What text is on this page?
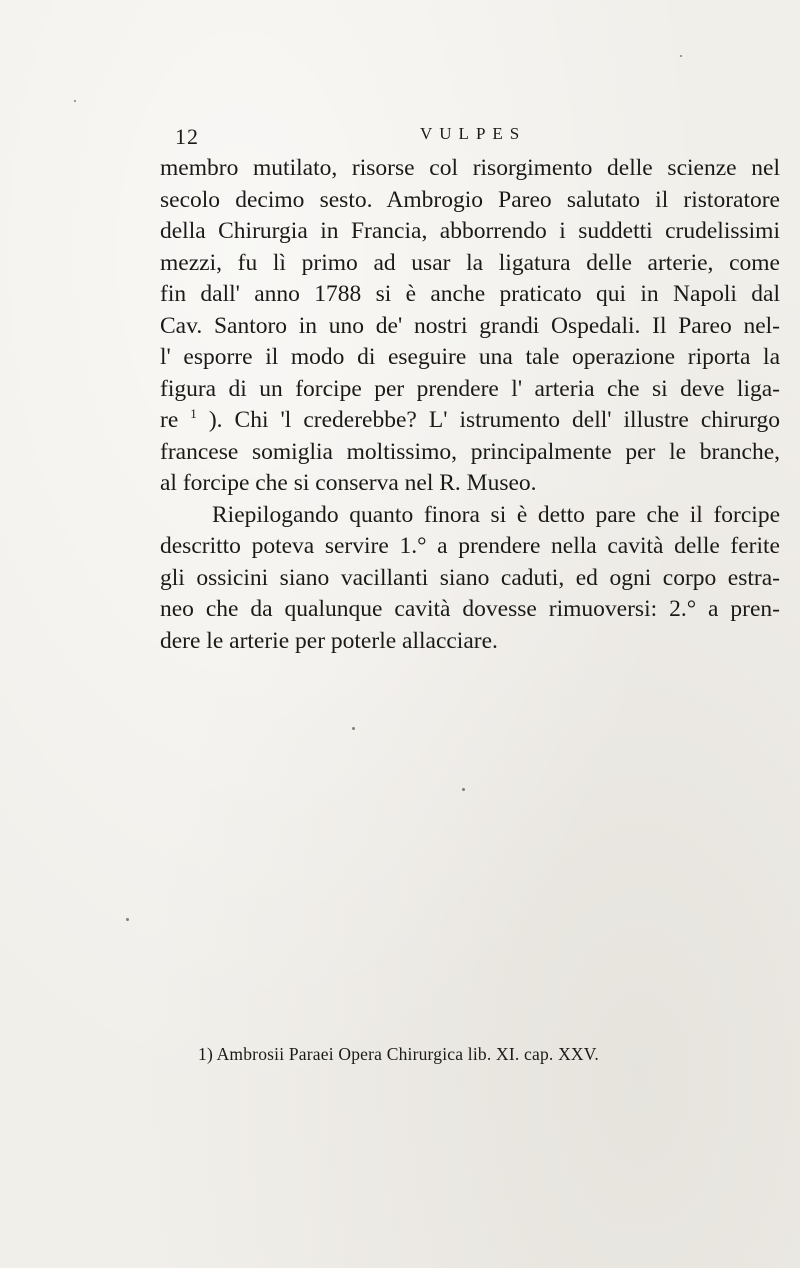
12	VULPES
membro mutilato, risorse col risorgimento delle scienze nel
secolo decimo sesto. Ambrogio Pareo salutato il ristoratore
della Chirurgia in Francia, abborrendo i suddetti crudelissimi
mezzi, fu lì primo ad usar la ligatura delle arterie, come
fin dall' anno 1788 si è anche praticato qui in Napoli dal
Cav. Santoro in uno de' nostri grandi Ospedali. Il Pareo nel-
l' esporre il modo di eseguire una tale operazione riporta la
figura di un forcipe per prendere l' arteria che si deve liga-
re $^1$ ). Chi 'l crederebbe? L' istrumento dell' illustre chirurgo
francese somiglia moltissimo, principalmente per le branche,
al forcipe che si conserva nel R. Museo.
Riepilogando quanto finora si è detto pare che il forcipe
descritto poteva servire 1.° a prendere nella cavità delle ferite
gli ossicini siano vacillanti siano caduti, ed ogni corpo estra-
neo che da qualunque cavità dovesse rimuoversi: 2.° a pren-
dere le arterie per poterle allacciare.
1) Ambrosii Paraei Opera Chirurgica lib. XI. cap. XXV.
